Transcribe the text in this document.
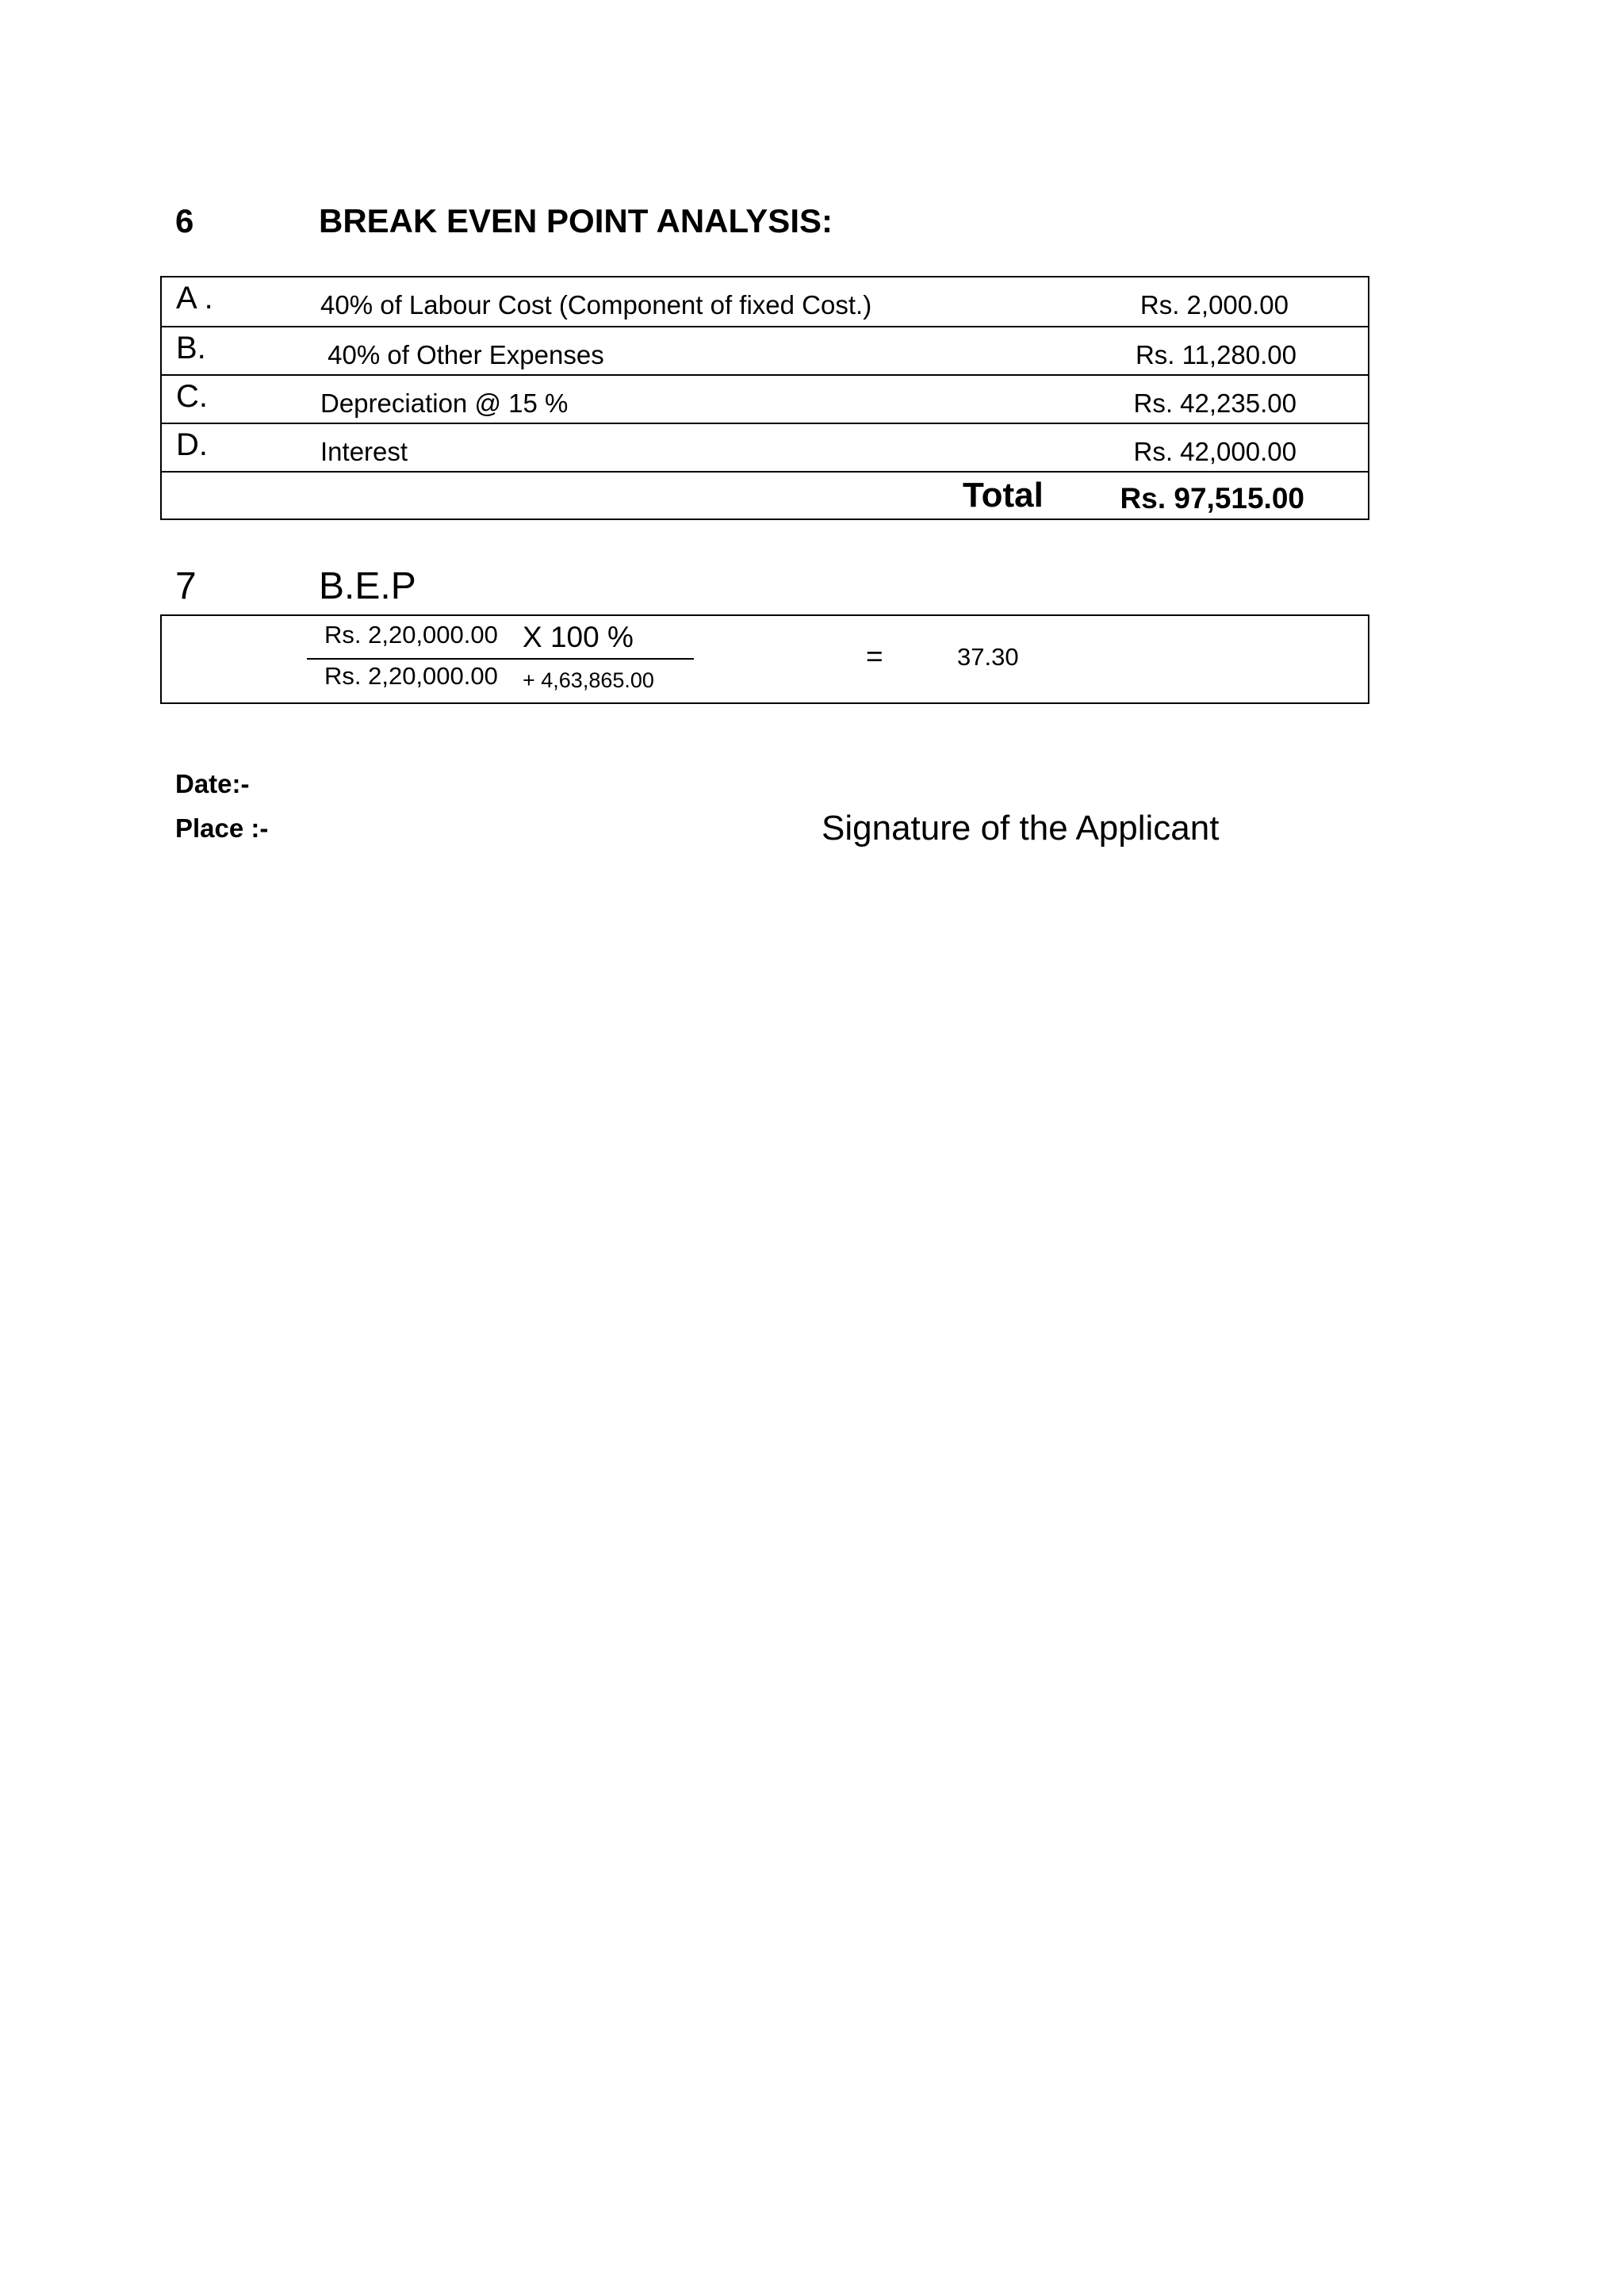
6	BREAK EVEN POINT ANALYSIS:
A .	40% of Labour Cost (Component of fixed Cost.)	Rs. 2,000.00
B.	40% of Other Expenses	Rs. 11,280.00
C.	Depreciation @ 15 %	Rs. 42,235.00
D.	Interest	Rs. 42,000.00
Total	Rs. 97,515.00
7	B.E.P
Rs. 2,20,000.00 X 100 %
Rs. 2,20,000.00 + 4,63,865.00
=	37.30
Date:-
Place :-	Signature of the Applicant
